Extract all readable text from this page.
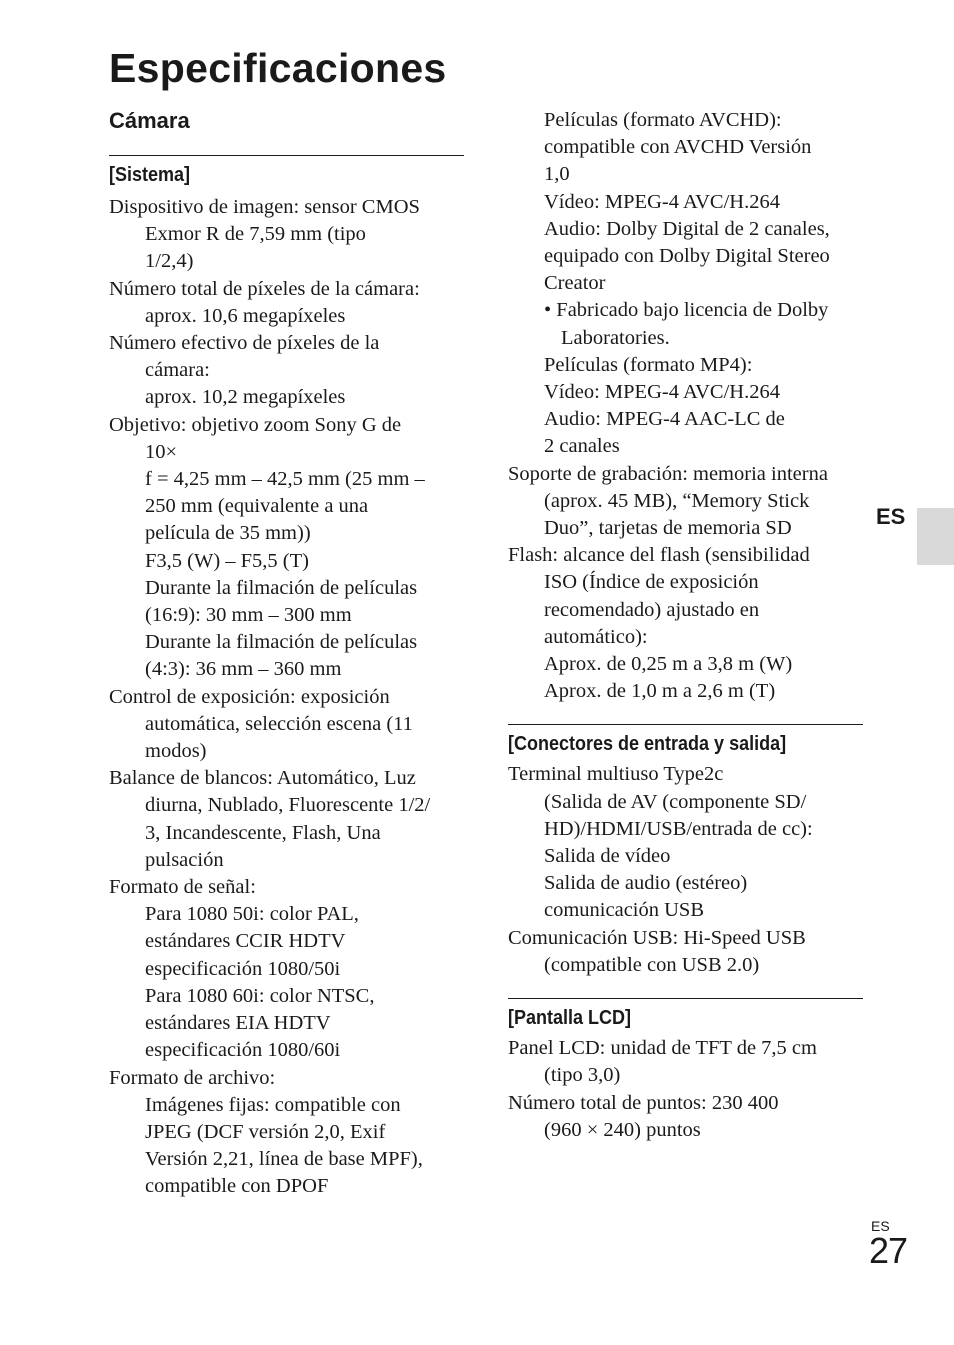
Especificaciones
Cámara
[Sistema]
Dispositivo de imagen: sensor CMOS
Exmor R de 7,59 mm (tipo
1/2,4)
Número total de píxeles de la cámara:
aprox. 10,6 megapíxeles
Número efectivo de píxeles de la
cámara:
aprox. 10,2 megapíxeles
Objetivo: objetivo zoom Sony G de
10×
f = 4,25 mm – 42,5 mm (25 mm –
250 mm (equivalente a una
película de 35 mm))
F3,5 (W) – F5,5 (T)
Durante la filmación de películas
(16:9): 30 mm – 300 mm
Durante la filmación de películas
(4:3): 36 mm – 360 mm
Control de exposición: exposición
automática, selección escena (11
modos)
Balance de blancos: Automático, Luz
diurna, Nublado, Fluorescente 1/2/
3, Incandescente, Flash, Una
pulsación
Formato de señal:
Para 1080 50i: color PAL,
estándares CCIR HDTV
especificación 1080/50i
Para 1080 60i: color NTSC,
estándares EIA HDTV
especificación 1080/60i
Formato de archivo:
Imágenes fijas: compatible con
JPEG (DCF versión 2,0, Exif
Versión 2,21, línea de base MPF),
compatible con DPOF
Películas (formato AVCHD):
compatible con AVCHD Versión
1,0
Vídeo: MPEG-4 AVC/H.264
Audio: Dolby Digital de 2 canales,
equipado con Dolby Digital Stereo
Creator
• Fabricado bajo licencia de Dolby
Laboratories.
Películas (formato MP4):
Vídeo: MPEG-4 AVC/H.264
Audio: MPEG-4 AAC-LC de
2 canales
Soporte de grabación: memoria interna
(aprox. 45 MB), “Memory Stick
Duo”, tarjetas de memoria SD
Flash: alcance del flash (sensibilidad
ISO (Índice de exposición
recomendado) ajustado en
automático):
Aprox. de 0,25 m a 3,8 m (W)
Aprox. de 1,0 m a 2,6 m (T)
[Conectores de entrada y salida]
Terminal multiuso Type2c
(Salida de AV (componente SD/
HD)/HDMI/USB/entrada de cc):
Salida de vídeo
Salida de audio (estéreo)
comunicación USB
Comunicación USB: Hi-Speed USB
(compatible con USB 2.0)
[Pantalla LCD]
Panel LCD: unidad de TFT de 7,5 cm
(tipo 3,0)
Número total de puntos: 230 400
(960 × 240) puntos
ES
ES
27
